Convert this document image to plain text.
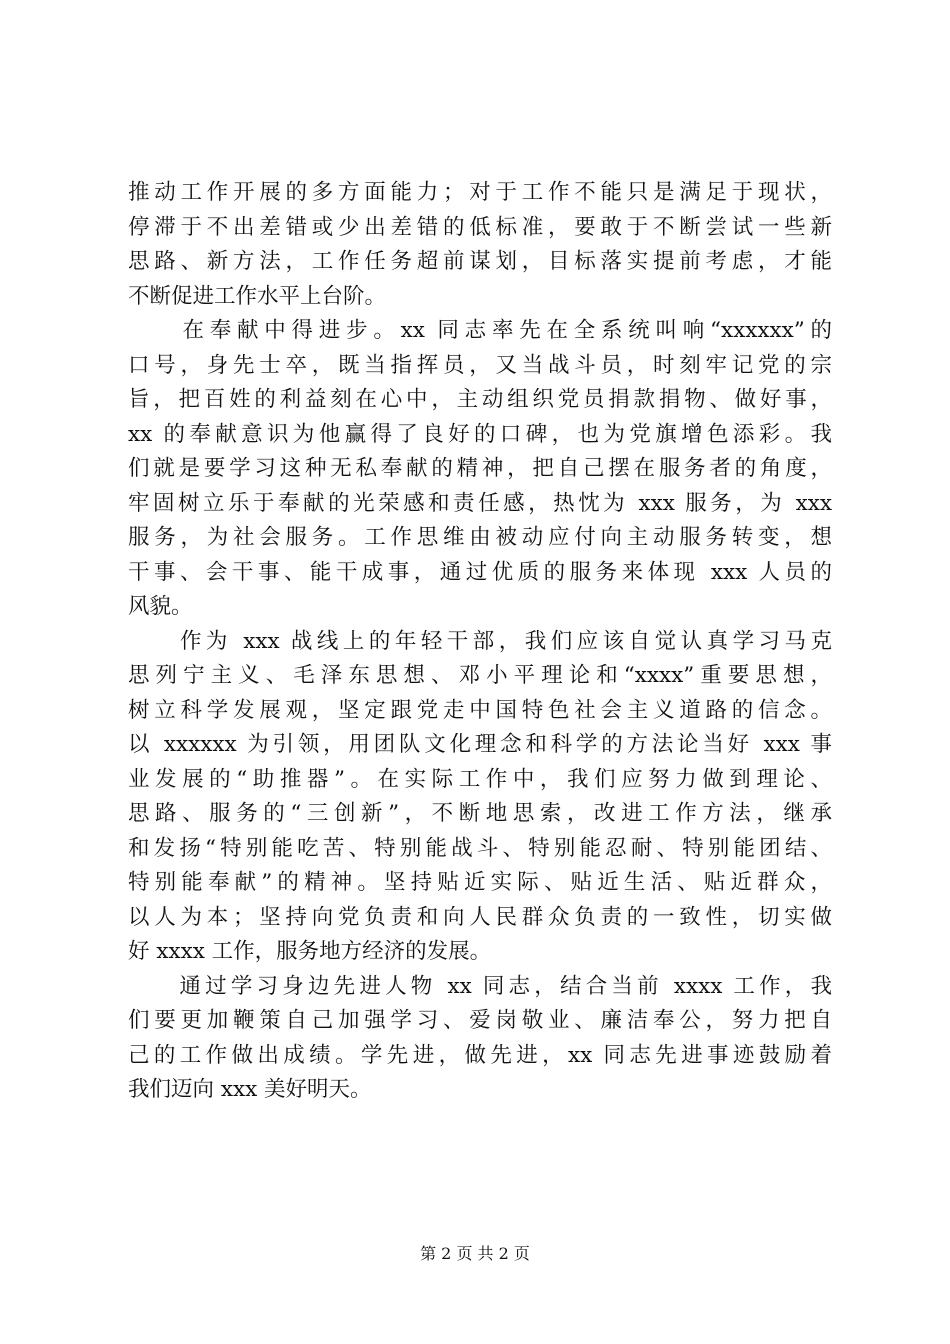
推动工作开展的多方面能力；对于工作不能只是满足于现状，
停滞于不出差错或少出差错的低标准，要敢于不断尝试一些新
思路、新方法，工作任务超前谋划，目标落实提前考虑，才能
不断促进工作水平上台阶。
　　在奉献中得进步。xx 同志率先在全系统叫响“xxxxxx”的
口号，身先士卒，既当指挥员，又当战斗员，时刻牢记党的宗
旨，把百姓的利益刻在心中，主动组织党员捐款捐物、做好事，
xx 的奉献意识为他赢得了良好的口碑，也为党旗增色添彩。我
们就是要学习这种无私奉献的精神，把自己摆在服务者的角度，
牢固树立乐于奉献的光荣感和责任感，热忱为 xxx 服务，为 xxx
服务，为社会服务。工作思维由被动应付向主动服务转变，想
干事、会干事、能干成事，通过优质的服务来体现 xxx 人员的
风貌。
　　作为 xxx 战线上的年轻干部，我们应该自觉认真学习马克
思列宁主义、毛泽东思想、邓小平理论和“xxxx”重要思想，
树立科学发展观，坚定跟党走中国特色社会主义道路的信念。
以 xxxxxx 为引领，用团队文化理念和科学的方法论当好 xxx 事
业发展的“助推器”。在实际工作中，我们应努力做到理论、
思路、服务的“三创新”，不断地思索，改进工作方法，继承
和发扬“特别能吃苦、特别能战斗、特别能忍耐、特别能团结、
特别能奉献”的精神。坚持贴近实际、贴近生活、贴近群众，
以人为本；坚持向党负责和向人民群众负责的一致性，切实做
好 xxxx 工作，服务地方经济的发展。
　　通过学习身边先进人物 xx 同志，结合当前 xxxx 工作，我
们要更加鞭策自己加强学习、爱岗敬业、廉洁奉公，努力把自
己的工作做出成绩。学先进，做先进，xx 同志先进事迹鼓励着
我们迈向 xxx 美好明天。
第 2 页 共 2 页
